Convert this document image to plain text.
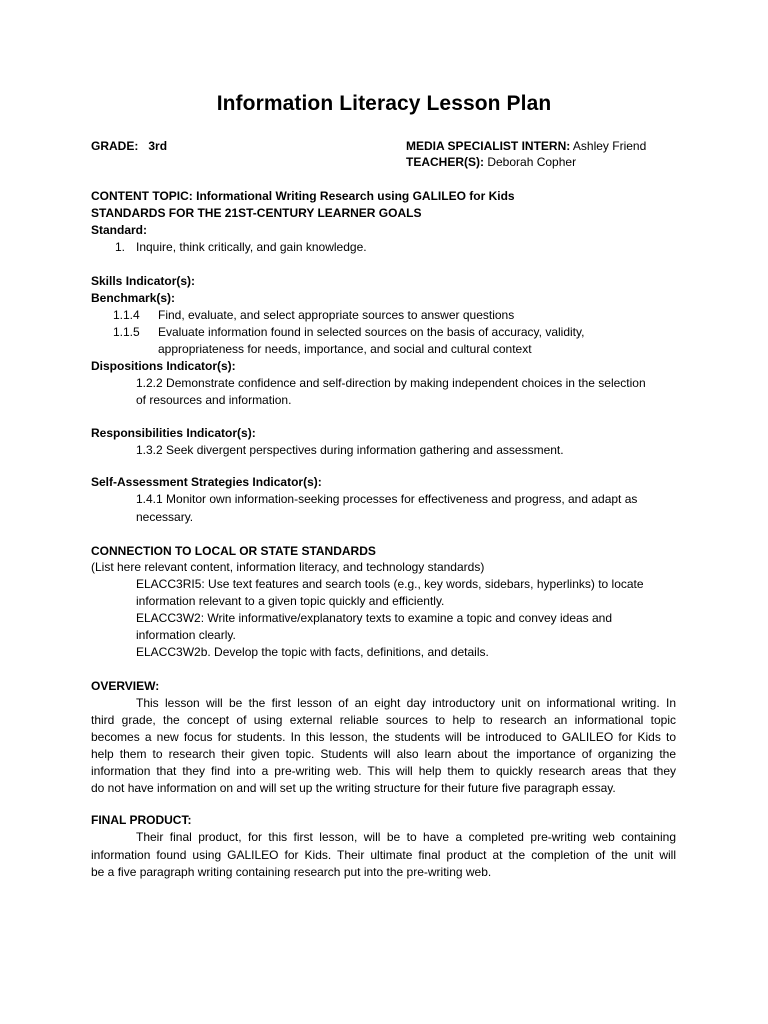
Information Literacy Lesson Plan
GRADE: 3rd	MEDIA SPECIALIST INTERN: Ashley Friend
TEACHER(S): Deborah Copher
CONTENT TOPIC: Informational Writing Research using GALILEO for Kids
STANDARDS FOR THE 21ST-CENTURY LEARNER GOALS
Standard:
1. Inquire, think critically, and gain knowledge.
Skills Indicator(s):
Benchmark(s):
1.1.4 Find, evaluate, and select appropriate sources to answer questions
1.1.5 Evaluate information found in selected sources on the basis of accuracy, validity,
appropriateness for needs, importance, and social and cultural context
Dispositions Indicator(s):
1.2.2 Demonstrate confidence and self-direction by making independent choices in the selection
of resources and information.
Responsibilities Indicator(s):
1.3.2 Seek divergent perspectives during information gathering and assessment.
Self-Assessment Strategies Indicator(s):
1.4.1 Monitor own information-seeking processes for effectiveness and progress, and adapt as
necessary.
CONNECTION TO LOCAL OR STATE STANDARDS
(List here relevant content, information literacy, and technology standards)
ELACC3RI5: Use text features and search tools (e.g., key words, sidebars, hyperlinks) to locate
information relevant to a given topic quickly and efficiently.
ELACC3W2: Write informative/explanatory texts to examine a topic and convey ideas and
information clearly.
ELACC3W2b. Develop the topic with facts, definitions, and details.
OVERVIEW:
This lesson will be the first lesson of an eight day introductory unit on informational writing. In
third grade, the concept of using external reliable sources to help to research an informational topic
becomes a new focus for students. In this lesson, the students will be introduced to GALILEO for Kids to
help them to research their given topic. Students will also learn about the importance of organizing the
information that they find into a pre-writing web. This will help them to quickly research areas that they
do not have information on and will set up the writing structure for their future five paragraph essay.
FINAL PRODUCT:
Their final product, for this first lesson, will be to have a completed pre-writing web containing
information found using GALILEO for Kids. Their ultimate final product at the completion of the unit will
be a five paragraph writing containing research put into the pre-writing web.
